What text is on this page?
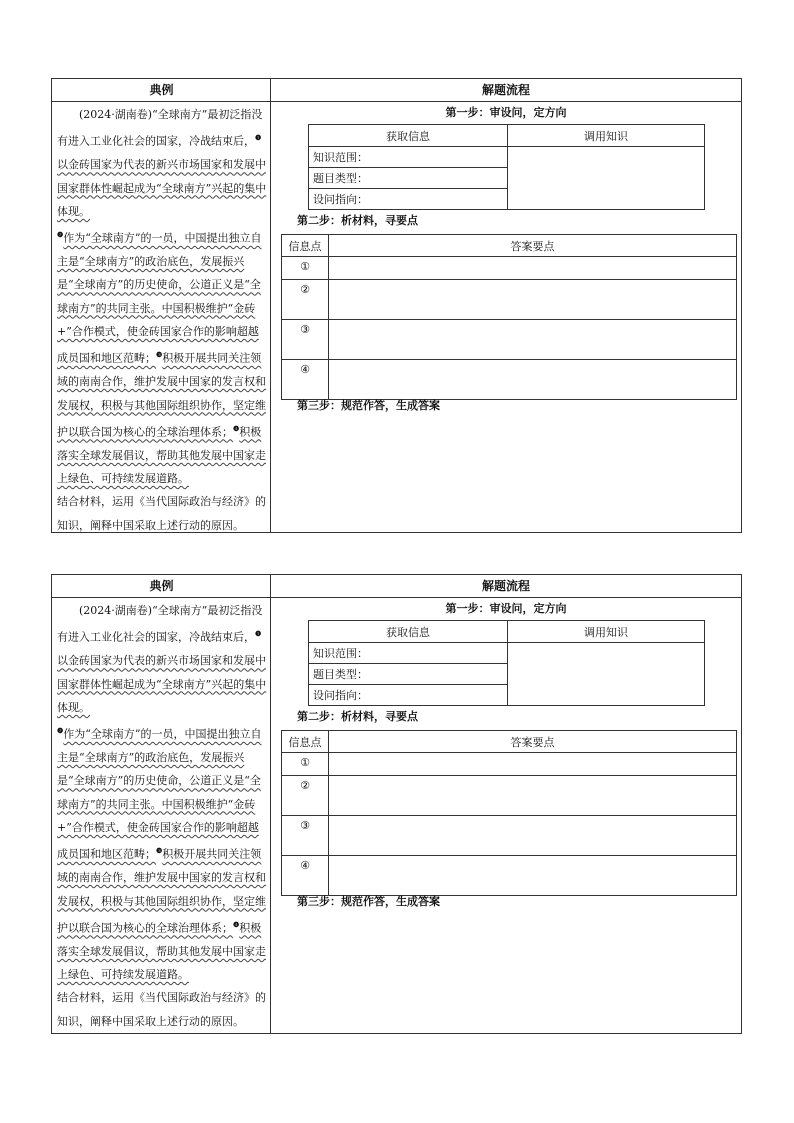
典例	解题流程

(2024·湖南卷)“全球南方”最初泛指没有进入工业化社会的国家，冷战结束后，$^❶$以金砖国家为代表的新兴市场国家和发展中国家群体性崛起成为“全球南方”兴起的集中体现。

$^❷$作为“全球南方”的一员，中国提出独立自主是“全球南方”的政治底色，发展振兴是“全球南方”的历史使命，公道正义是“全球南方”的共同主张。中国积极维护“金砖+”合作模式，使金砖国家合作的影响超越成员国和地区范畴；$^❸$积极开展共同关注领域的南南合作，维护发展中国家的发言权和发展权，积极与其他国际组织协作，坚定维护以联合国为核心的全球治理体系；$^❹$积极落实全球发展倡议，帮助其他发展中国家走上绿色、可持续发展道路。

结合材料，运用《当代国际政治与经济》的知识，阐释中国采取上述行动的原因。

第一步：审设问，定方向
获取信息	调用知识
知识范围：	
题目类型：	
设问指向：	
第二步：析材料，寻要点
信息点	答案要点
①	
②	
③	
④	
第三步：规范作答，生成答案
典例	解题流程

(2024·湖南卷)“全球南方”最初泛指没有进入工业化社会的国家，冷战结束后，$^❶$以金砖国家为代表的新兴市场国家和发展中国家群体性崛起成为“全球南方”兴起的集中体现。

$^❷$作为“全球南方”的一员，中国提出独立自主是“全球南方”的政治底色，发展振兴是“全球南方”的历史使命，公道正义是“全球南方”的共同主张。中国积极维护“金砖+”合作模式，使金砖国家合作的影响超越成员国和地区范畴；$^❸$积极开展共同关注领域的南南合作，维护发展中国家的发言权和发展权，积极与其他国际组织协作，坚定维护以联合国为核心的全球治理体系；$^❹$积极落实全球发展倡议，帮助其他发展中国家走上绿色、可持续发展道路。

结合材料，运用《当代国际政治与经济》的知识，阐释中国采取上述行动的原因。

第一步：审设问，定方向
获取信息	调用知识
知识范围：	
题目类型：	
设问指向：	
第二步：析材料，寻要点
信息点	答案要点
①	
②	
③	
④	
第三步：规范作答，生成答案
